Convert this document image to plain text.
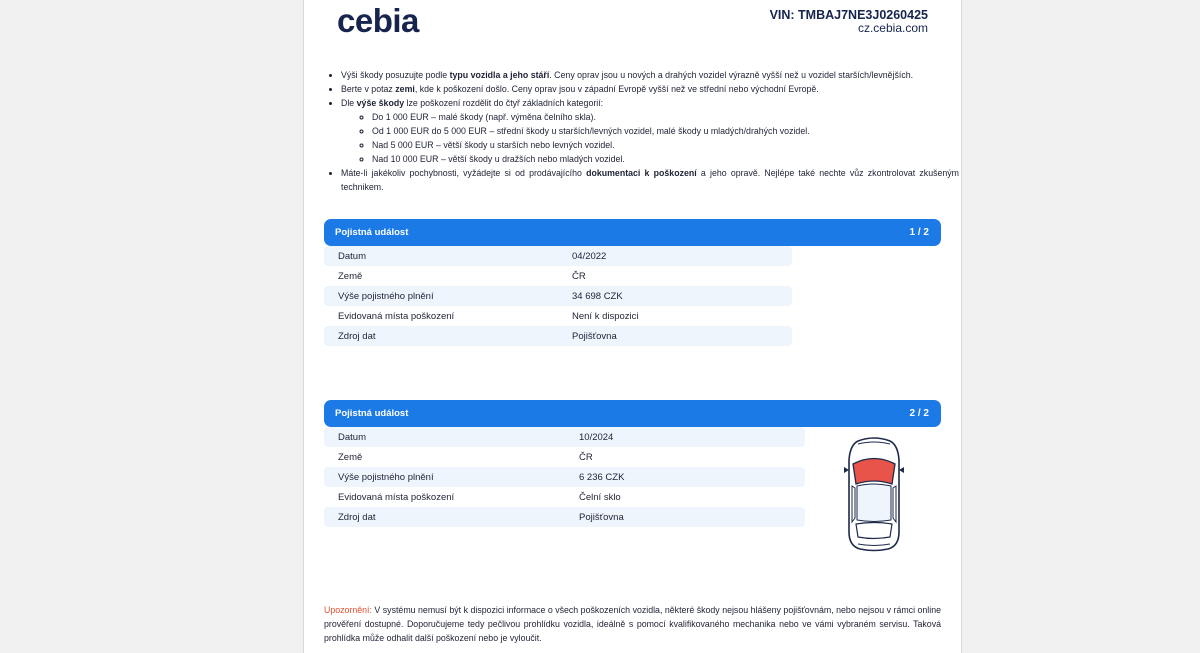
cebia	VIN: TMBAJ7NE3J0260425
cz.cebia.com
• Výši škody posuzujte podle typu vozidla a jeho stáří. Ceny oprav jsou u nových a drahých vozidel výrazně vyšší než u vozidel starších/levnějších.
• Berte v potaz zemi, kde k poškození došlo. Ceny oprav jsou v západní Evropě vyšší než ve střední nebo východní Evropě.
• Dle výše škody lze poškození rozdělit do čtyř základních kategorií:
◦ Do 1 000 EUR – malé škody (např. výměna čelního skla).
◦ Od 1 000 EUR do 5 000 EUR – střední škody u starších/levných vozidel, malé škody u mladých/drahých vozidel.
◦ Nad 5 000 EUR – větší škody u starších nebo levných vozidel.
◦ Nad 10 000 EUR – větší škody u dražších nebo mladých vozidel.
• Máte-li jakékoliv pochybnosti, vyžádejte si od prodávajícího dokumentaci k poškození a jeho opravě. Nejlépe také nechte vůz zkontrolovat zkušeným technikem.
Pojistná událost	1 / 2
Datum	04/2022
Země	ČR
Výše pojistného plnění	34 698 CZK
Evidovaná místa poškození	Není k dispozici
Zdroj dat	Pojišťovna
Pojistná událost	2 / 2
Datum	10/2024
Země	ČR
Výše pojistného plnění	6 236 CZK
Evidovaná místa poškození	Čelní sklo
Zdroj dat	Pojišťovna
Upozornění: V systému nemusí být k dispozici informace o všech poškozeních vozidla, některé škody nejsou hlášeny pojišťovnám, nebo nejsou v rámci online prověření dostupné. Doporučujeme tedy pečlivou prohlídku vozidla, ideálně s pomocí kvalifikovaného mechanika nebo ve vámi vybraném servisu. Taková prohlídka může odhalit další poškození nebo je vyloučit.
